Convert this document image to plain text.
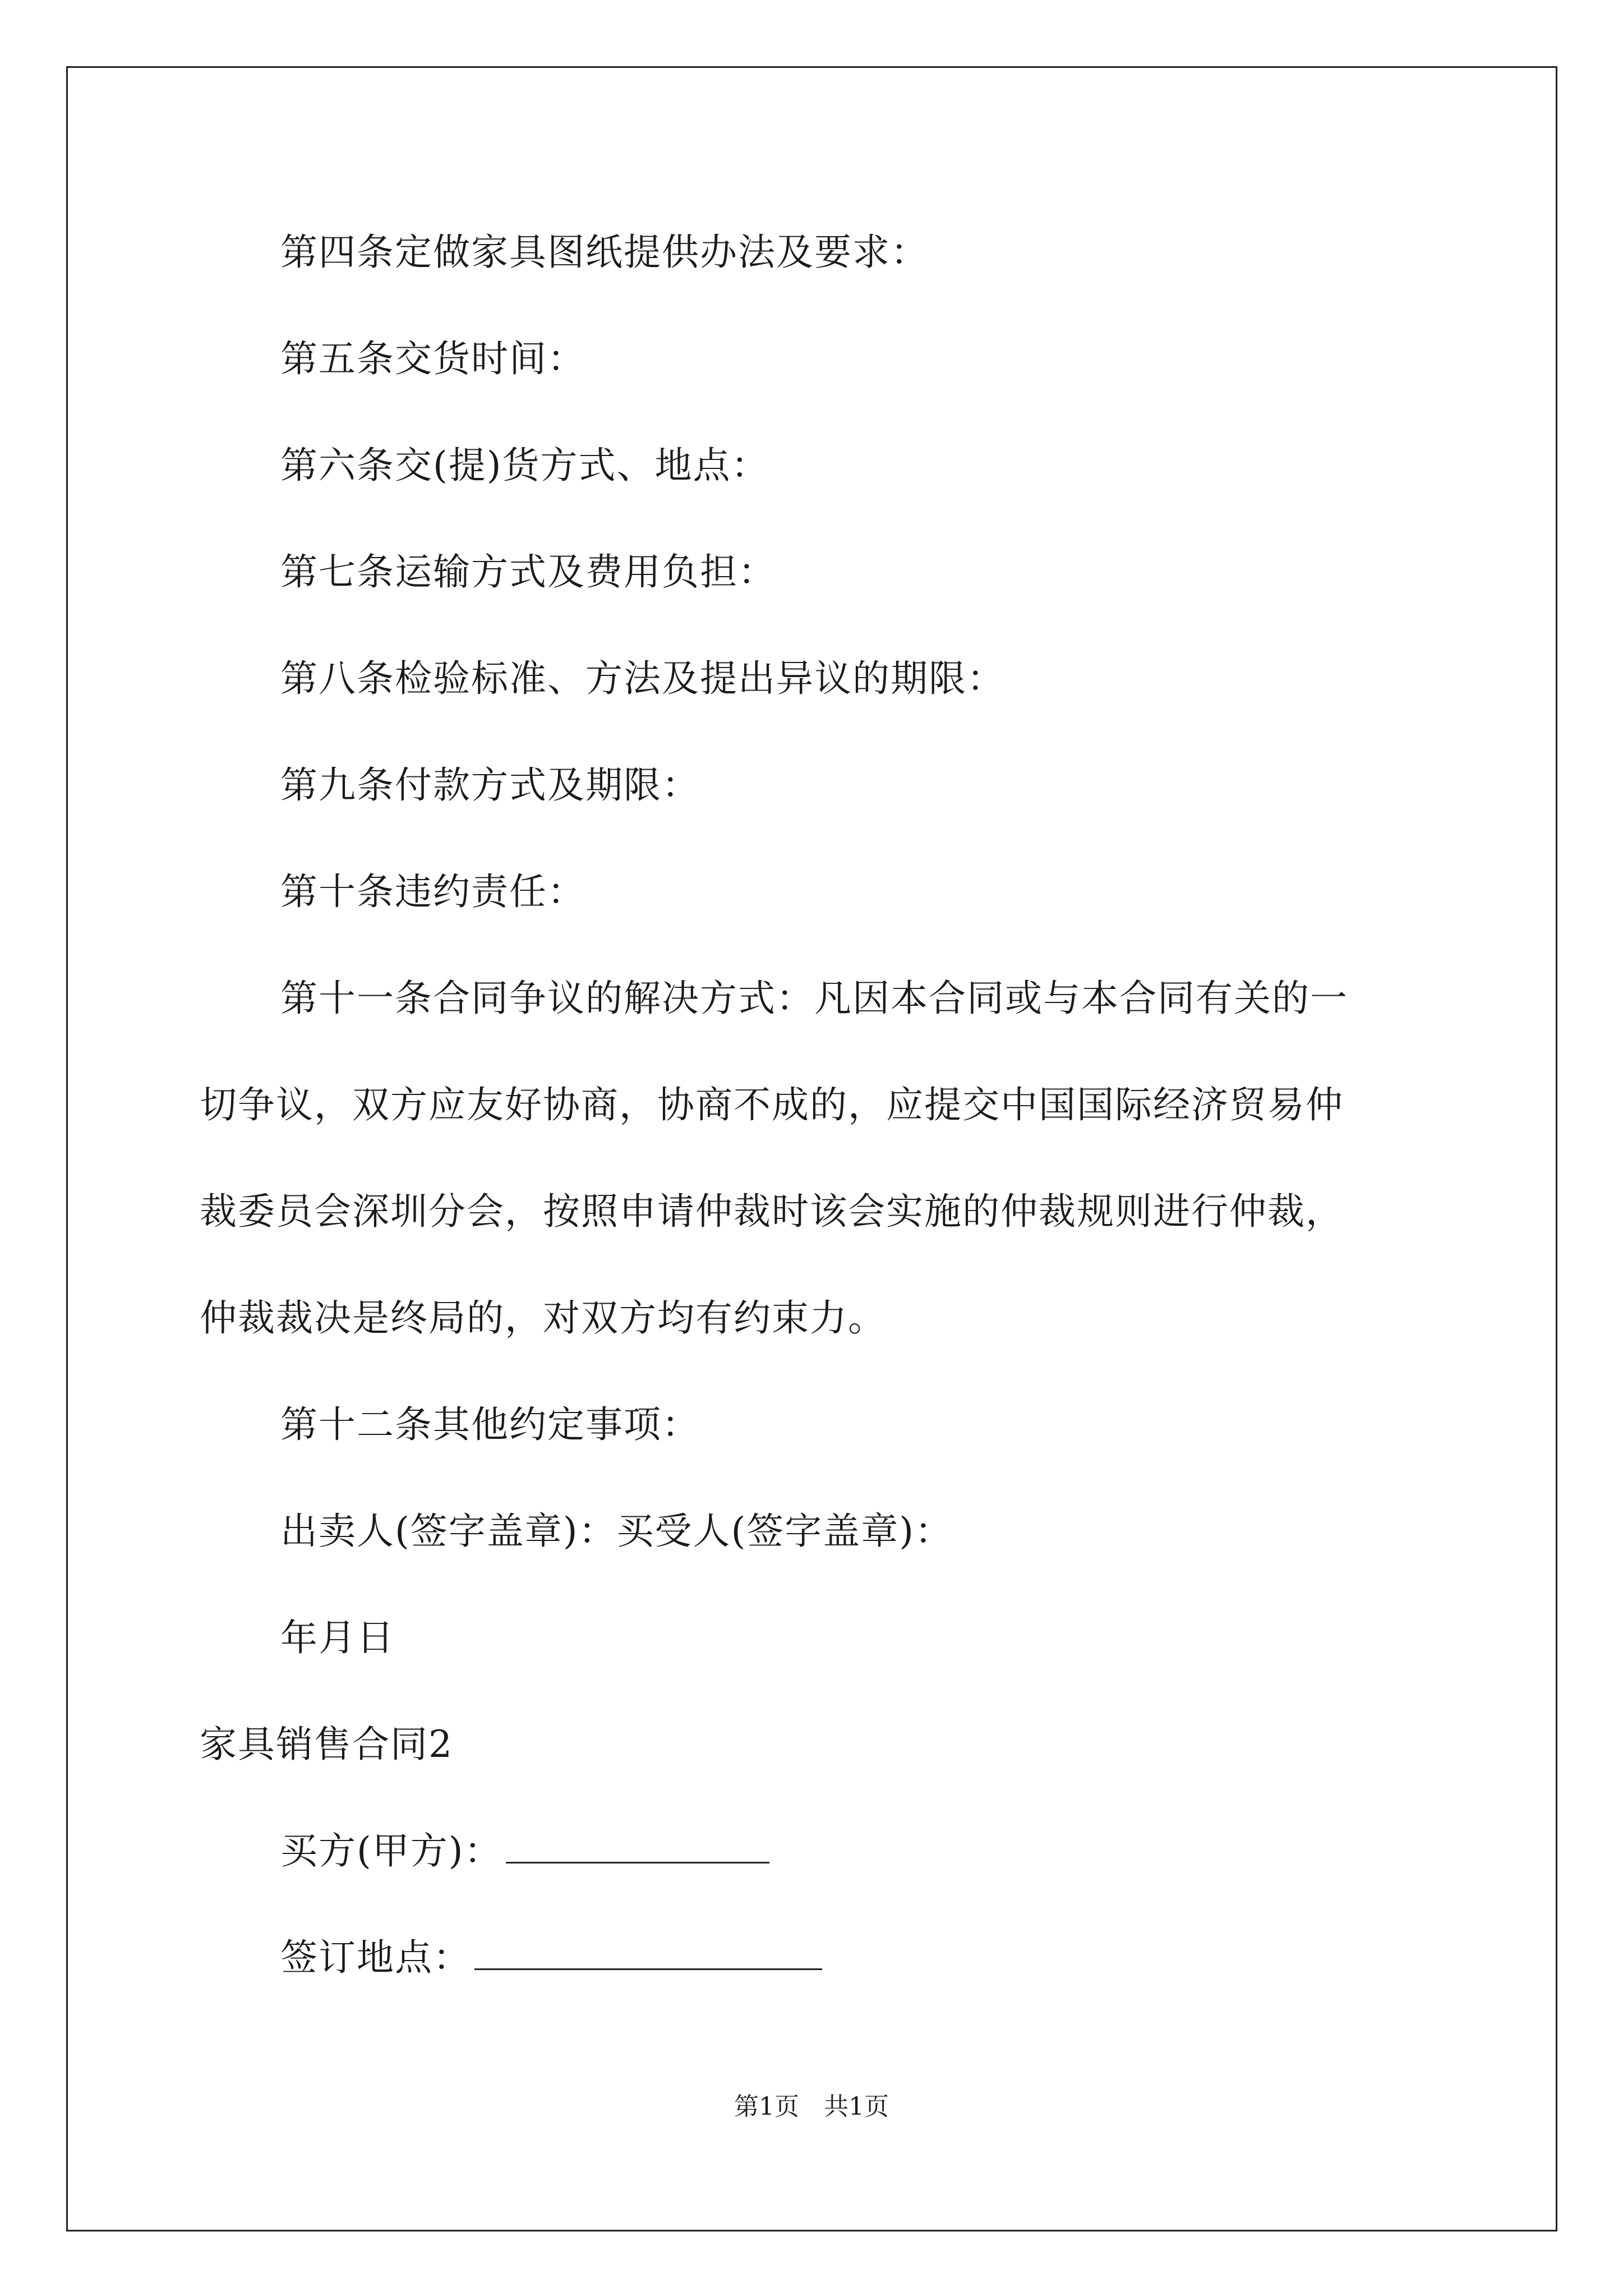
第四条定做家具图纸提供办法及要求：
第五条交货时间：
第六条交(提)货方式、地点：
第七条运输方式及费用负担：
第八条检验标准、方法及提出异议的期限：
第九条付款方式及期限：
第十条违约责任：
第十一条合同争议的解决方式：凡因本合同或与本合同有关的一
切争议，双方应友好协商，协商不成的，应提交中国国际经济贸易仲
裁委员会深圳分会，按照申请仲裁时该会实施的仲裁规则进行仲裁，
仲裁裁决是终局的，对双方均有约束力。
第十二条其他约定事项：
出卖人(签字盖章)：买受人(签字盖章)：
年月日
家具销售合同2
买方(甲方)：
签订地点：
第1页　共1页
